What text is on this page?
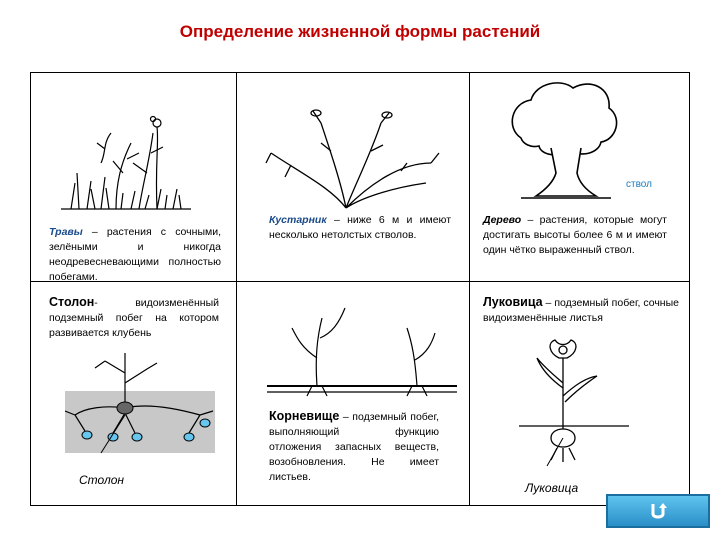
Определение жизненной формы растений
Травы – растения с сочными, зелёными и никогда неодревесневающими полностью побегами.
Кустарник – ниже 6 м и имеют несколько нетолстых стволов.
ствол
Дерево – растения, которые могут достигать высоты более 6 м и имеют один чётко выраженный ствол.
Столон- видоизменённый подземный побег на котором развивается клубень
Столон
Корневище – подземный побег, выполняющий функцию отложения запасных веществ, возобновления. Не имеет листьев.
Луковица – подземный побег, сочные видоизменённые листья
Луковица
